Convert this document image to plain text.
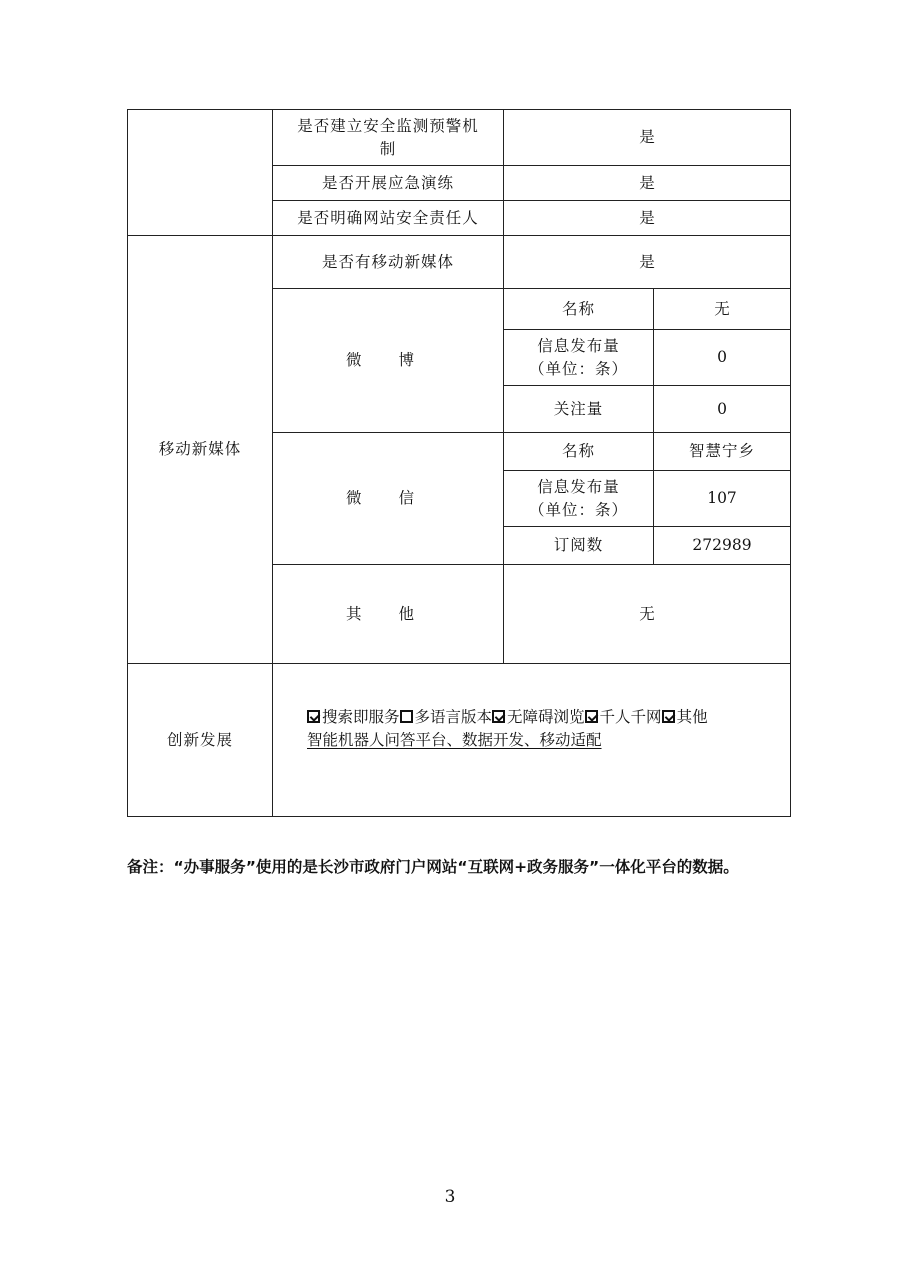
	是否建立安全监测预警机制	是	
	是否开展应急演练	是	
	是否明确网站安全责任人	是	
移动新媒体	是否有移动新媒体	是	
	微 博	名称	无

		信息发布量
（单位：条）	0
		关注量	0
	微 信	名称	智慧宁乡

		信息发布量
（单位：条）	107
		订阅数	272989
	其 他	无	
创新发展	搜索即服务 多语言版本 无障碍浏览 千人千网 其他
智能机器人问答平台、数据开发、移动适配		
备注：“办事服务”使用的是长沙市政府门户网站“互联网+政务服务”一体化平台的数据。
3
